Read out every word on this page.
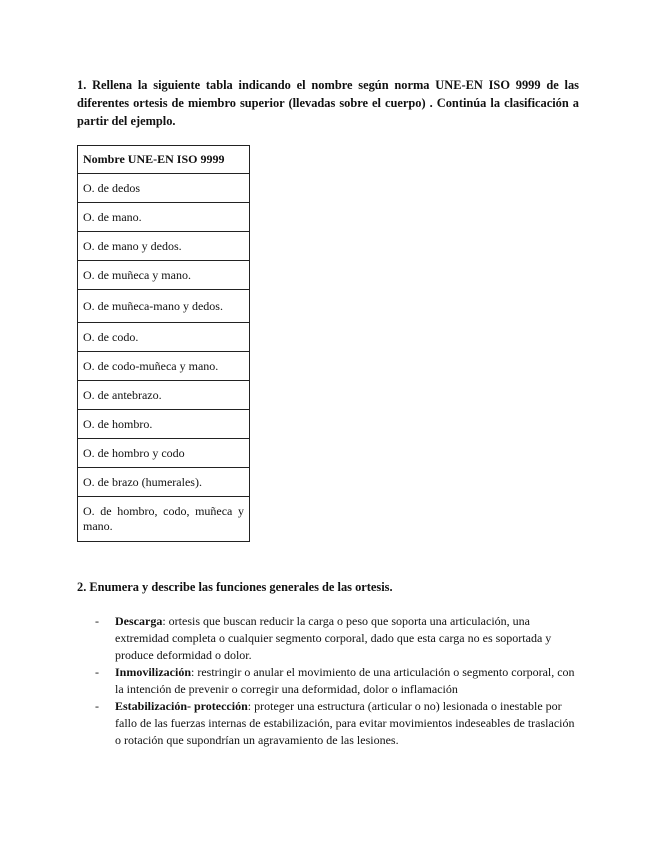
1. Rellena la siguiente tabla indicando el nombre según norma UNE-EN ISO 9999 de las diferentes ortesis de miembro superior (llevadas sobre el cuerpo) . Continúa la clasificación a partir del ejemplo.
Nombre UNE-EN ISO 9999
O. de dedos
O. de mano.
O. de mano y dedos.
O. de muñeca y mano.
O. de muñeca-mano y dedos.
O. de codo.
O. de codo-muñeca y mano.
O. de antebrazo.
O. de hombro.
O. de hombro y codo
O. de brazo (humerales).
O. de hombro, codo, muñeca y mano.
2. Enumera y describe las funciones generales de las ortesis.
- Descarga: ortesis que buscan reducir la carga o peso que soporta una articulación, una extremidad completa o cualquier segmento corporal, dado que esta carga no es soportada y produce deformidad o dolor.
- Inmovilización: restringir o anular el movimiento de una articulación o segmento corporal, con la intención de prevenir o corregir una deformidad, dolor o inflamación
- Estabilización- protección: proteger una estructura (articular o no) lesionada o inestable por fallo de las fuerzas internas de estabilización, para evitar movimientos indeseables de traslación o rotación que supondrían un agravamiento de las lesiones.
